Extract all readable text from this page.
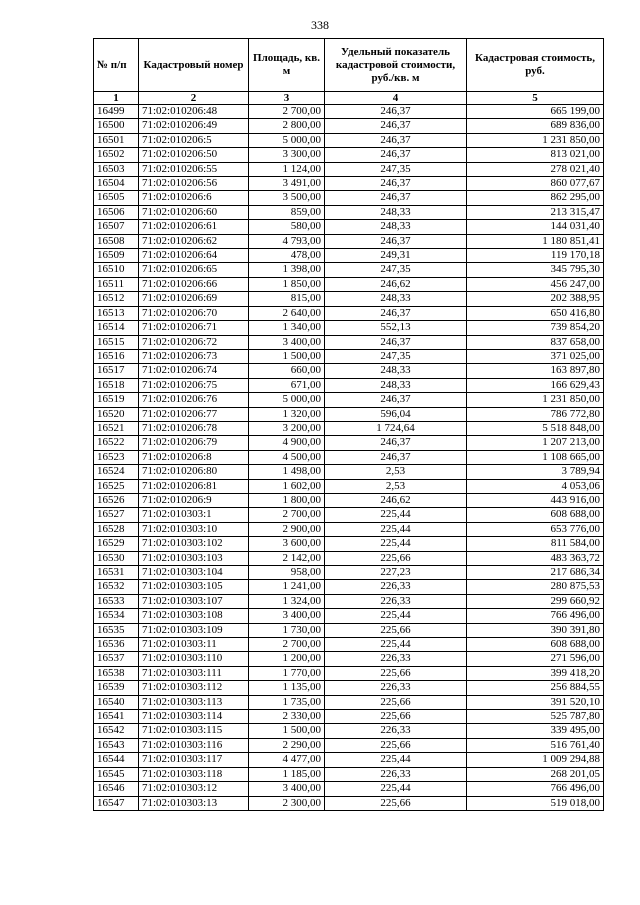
338
№ п/п	Кадастровый номер	Площадь, кв. м	Удельный показатель кадастровой стоимости, руб./кв. м	Кадастровая стоимость, руб.
1	2	3	4	5
16499	71:02:010206:48	2 700,00	246,37	665 199,00
16500	71:02:010206:49	2 800,00	246,37	689 836,00
16501	71:02:010206:5	5 000,00	246,37	1 231 850,00
16502	71:02:010206:50	3 300,00	246,37	813 021,00
16503	71:02:010206:55	1 124,00	247,35	278 021,40
16504	71:02:010206:56	3 491,00	246,37	860 077,67
16505	71:02:010206:6	3 500,00	246,37	862 295,00
16506	71:02:010206:60	859,00	248,33	213 315,47
16507	71:02:010206:61	580,00	248,33	144 031,40
16508	71:02:010206:62	4 793,00	246,37	1 180 851,41
16509	71:02:010206:64	478,00	249,31	119 170,18
16510	71:02:010206:65	1 398,00	247,35	345 795,30
16511	71:02:010206:66	1 850,00	246,62	456 247,00
16512	71:02:010206:69	815,00	248,33	202 388,95
16513	71:02:010206:70	2 640,00	246,37	650 416,80
16514	71:02:010206:71	1 340,00	552,13	739 854,20
16515	71:02:010206:72	3 400,00	246,37	837 658,00
16516	71:02:010206:73	1 500,00	247,35	371 025,00
16517	71:02:010206:74	660,00	248,33	163 897,80
16518	71:02:010206:75	671,00	248,33	166 629,43
16519	71:02:010206:76	5 000,00	246,37	1 231 850,00
16520	71:02:010206:77	1 320,00	596,04	786 772,80
16521	71:02:010206:78	3 200,00	1 724,64	5 518 848,00
16522	71:02:010206:79	4 900,00	246,37	1 207 213,00
16523	71:02:010206:8	4 500,00	246,37	1 108 665,00
16524	71:02:010206:80	1 498,00	2,53	3 789,94
16525	71:02:010206:81	1 602,00	2,53	4 053,06
16526	71:02:010206:9	1 800,00	246,62	443 916,00
16527	71:02:010303:1	2 700,00	225,44	608 688,00
16528	71:02:010303:10	2 900,00	225,44	653 776,00
16529	71:02:010303:102	3 600,00	225,44	811 584,00
16530	71:02:010303:103	2 142,00	225,66	483 363,72
16531	71:02:010303:104	958,00	227,23	217 686,34
16532	71:02:010303:105	1 241,00	226,33	280 875,53
16533	71:02:010303:107	1 324,00	226,33	299 660,92
16534	71:02:010303:108	3 400,00	225,44	766 496,00
16535	71:02:010303:109	1 730,00	225,66	390 391,80
16536	71:02:010303:11	2 700,00	225,44	608 688,00
16537	71:02:010303:110	1 200,00	226,33	271 596,00
16538	71:02:010303:111	1 770,00	225,66	399 418,20
16539	71:02:010303:112	1 135,00	226,33	256 884,55
16540	71:02:010303:113	1 735,00	225,66	391 520,10
16541	71:02:010303:114	2 330,00	225,66	525 787,80
16542	71:02:010303:115	1 500,00	226,33	339 495,00
16543	71:02:010303:116	2 290,00	225,66	516 761,40
16544	71:02:010303:117	4 477,00	225,44	1 009 294,88
16545	71:02:010303:118	1 185,00	226,33	268 201,05
16546	71:02:010303:12	3 400,00	225,44	766 496,00
16547	71:02:010303:13	2 300,00	225,66	519 018,00
